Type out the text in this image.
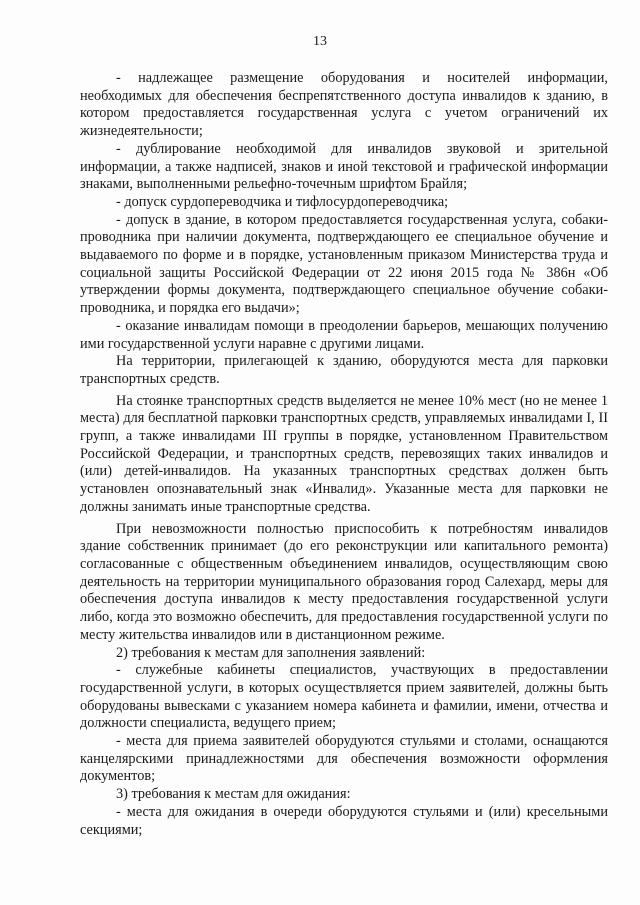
13

- надлежащее размещение оборудования и носителей информации, необходимых для обеспечения беспрепятственного доступа инвалидов к зданию, в котором предоставляется государственная услуга с учетом ограничений их жизнедеятельности;

- дублирование необходимой для инвалидов звуковой и зрительной информации, а также надписей, знаков и иной текстовой и графической информации знаками, выполненными рельефно-точечным шрифтом Брайля;

- допуск сурдопереводчика и тифлосурдопереводчика;

- допуск в здание, в котором предоставляется государственная услуга, собаки-проводника при наличии документа, подтверждающего ее специальное обучение и выдаваемого по форме и в порядке, установленным приказом Министерства труда и социальной защиты Российской Федерации от 22 июня 2015 года № 386н «Об утверждении формы документа, подтверждающего специальное обучение собаки-проводника, и порядка его выдачи»;

- оказание инвалидам помощи в преодолении барьеров, мешающих получению ими государственной услуги наравне с другими лицами.

На территории, прилегающей к зданию, оборудуются места для парковки транспортных средств.

На стоянке транспортных средств выделяется не менее 10% мест (но не менее 1 места) для бесплатной парковки транспортных средств, управляемых инвалидами I, II групп, а также инвалидами III группы в порядке, установленном Правительством Российской Федерации, и транспортных средств, перевозящих таких инвалидов и (или) детей-инвалидов. На указанных транспортных средствах должен быть установлен опознавательный знак «Инвалид». Указанные места для парковки не должны занимать иные транспортные средства.

При невозможности полностью приспособить к потребностям инвалидов здание собственник принимает (до его реконструкции или капитального ремонта) согласованные с общественным объединением инвалидов, осуществляющим свою деятельность на территории муниципального образования город Салехард, меры для обеспечения доступа инвалидов к месту предоставления государственной услуги либо, когда это возможно обеспечить, для предоставления государственной услуги по месту жительства инвалидов или в дистанционном режиме.

2) требования к местам для заполнения заявлений:

- служебные кабинеты специалистов, участвующих в предоставлении государственной услуги, в которых осуществляется прием заявителей, должны быть оборудованы вывесками с указанием номера кабинета и фамилии, имени, отчества и должности специалиста, ведущего прием;

- места для приема заявителей оборудуются стульями и столами, оснащаются канцелярскими принадлежностями для обеспечения возможности оформления документов;

3) требования к местам для ожидания:

- места для ожидания в очереди оборудуются стульями и (или) кресельными секциями;
